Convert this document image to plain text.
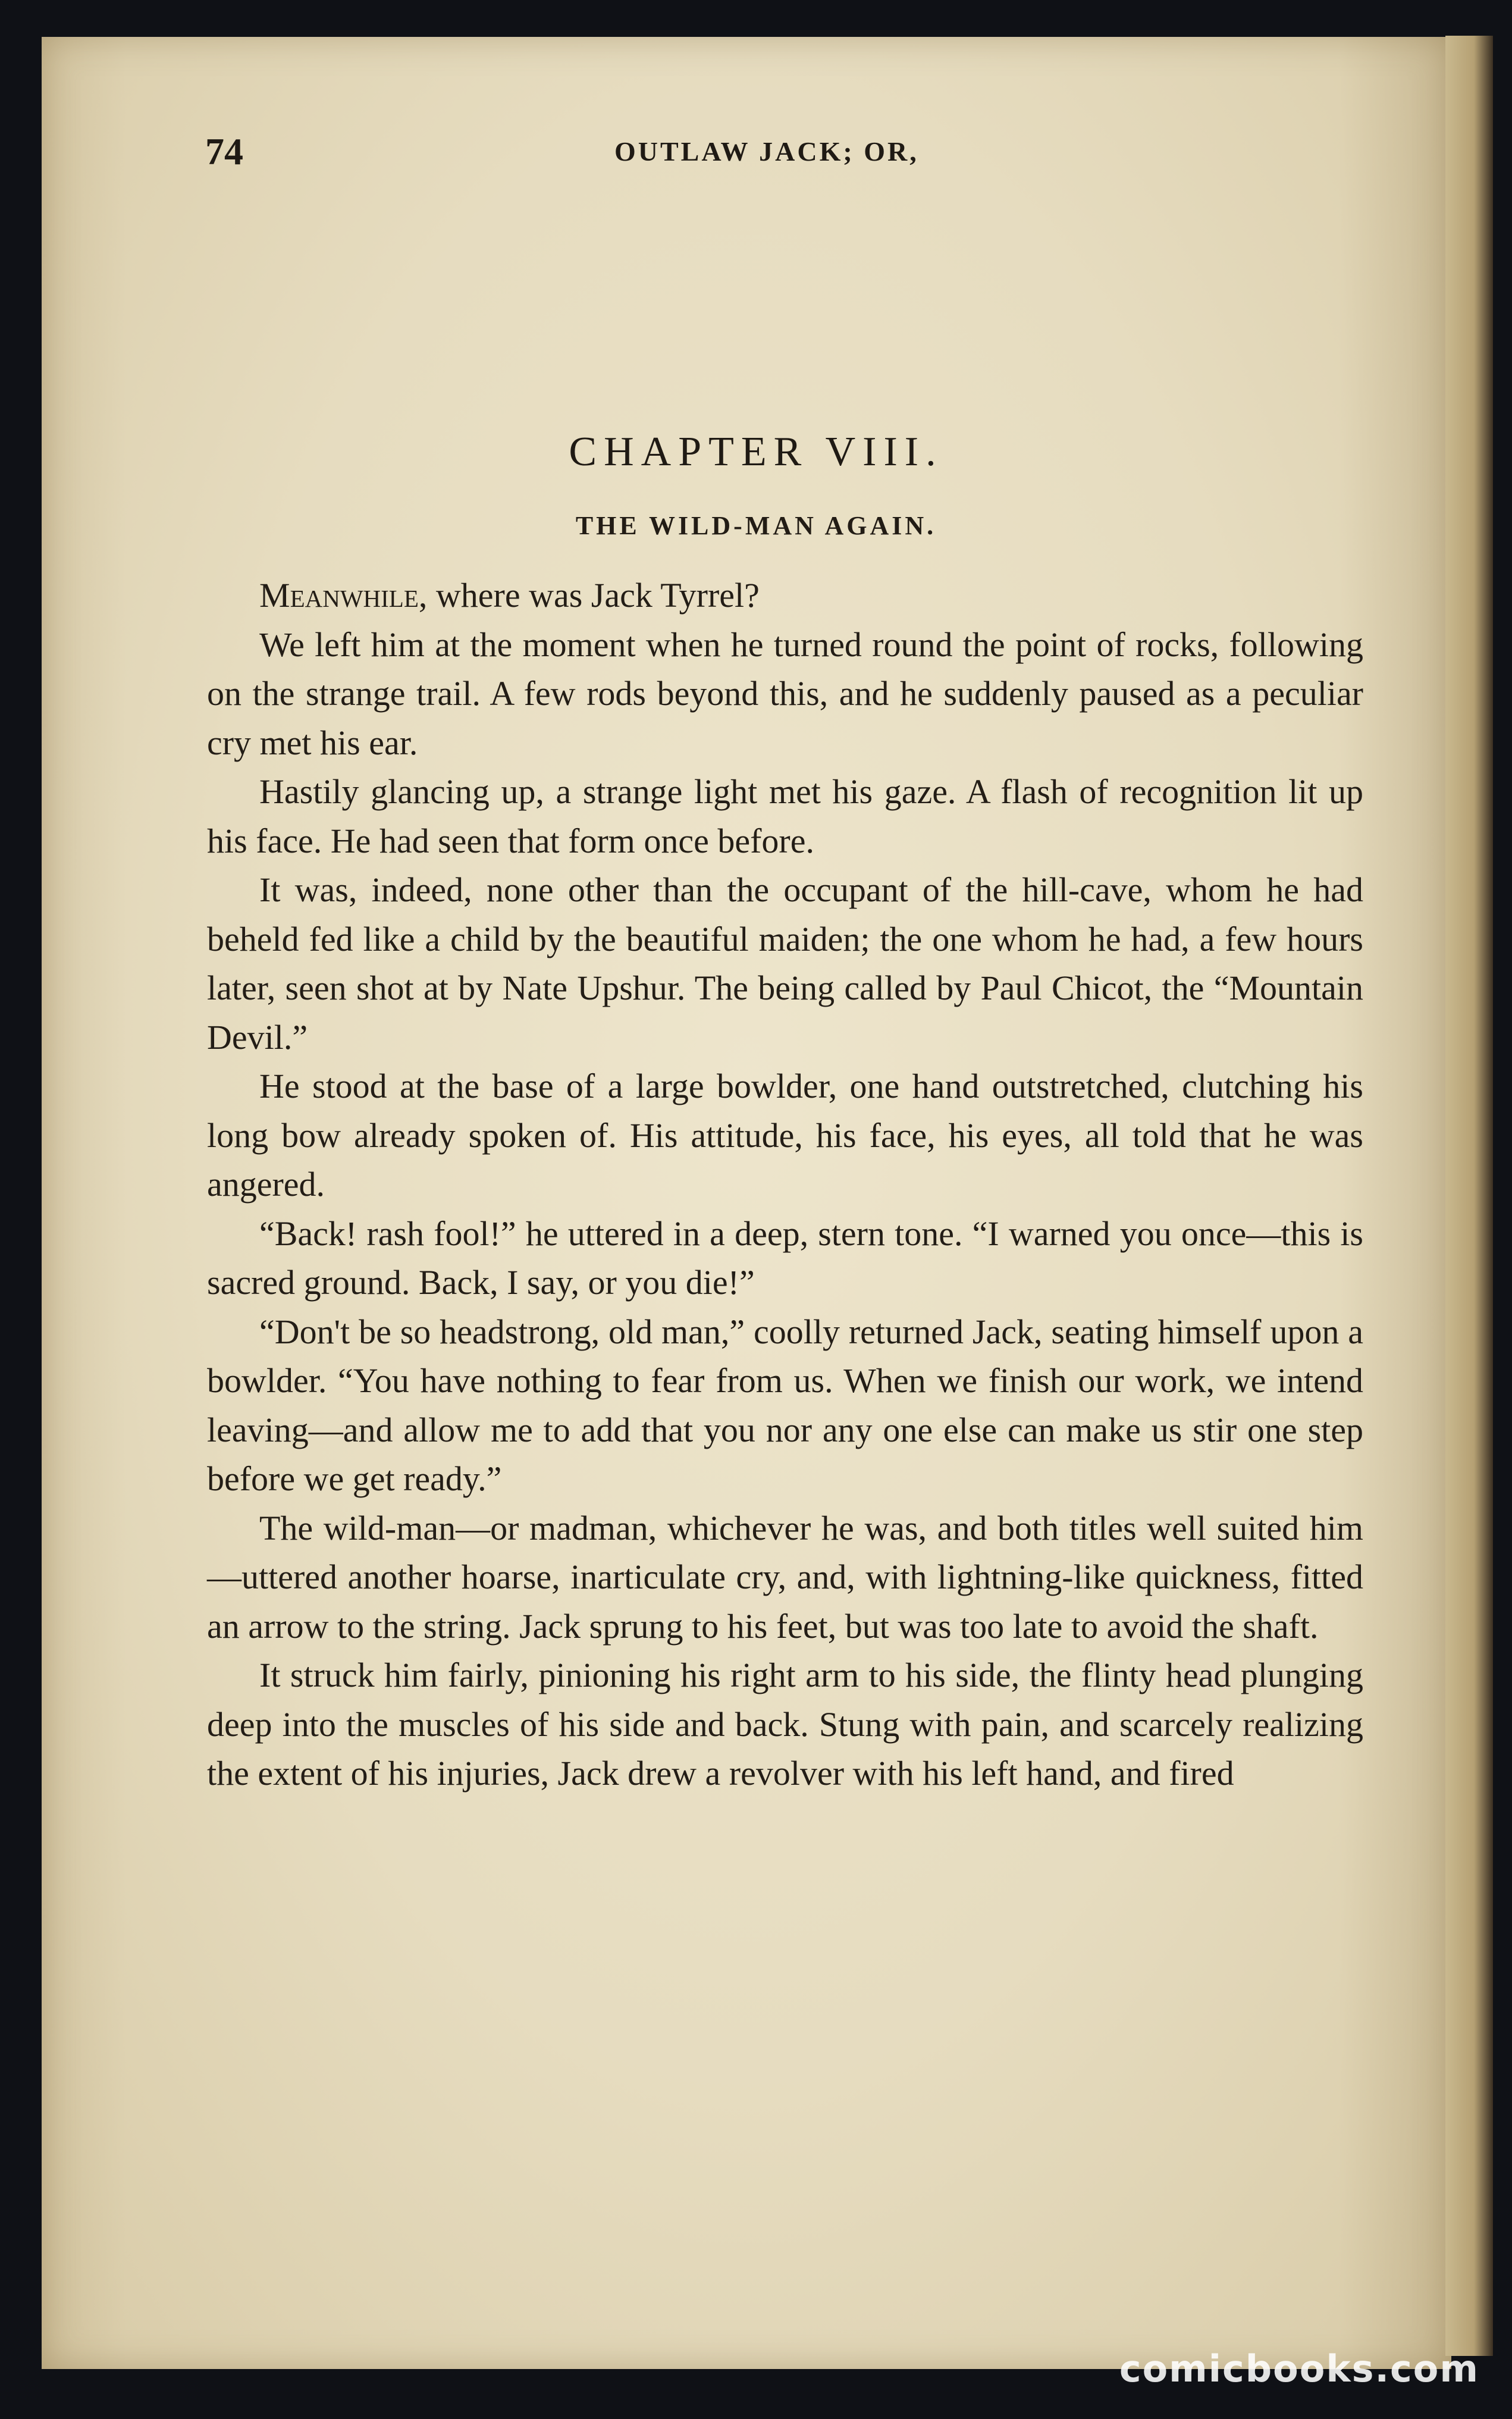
74	OUTLAW JACK; OR,
CHAPTER VIII.
THE WILD-MAN AGAIN.

Meanwhile, where was Jack Tyrrel?

We left him at the moment when he turned round the point of rocks, following on the strange trail. A few rods beyond this, and he suddenly paused as a peculiar cry met his ear.

Hastily glancing up, a strange light met his gaze. A flash of recognition lit up his face. He had seen that form once before.

It was, indeed, none other than the occupant of the hill-cave, whom he had beheld fed like a child by the beautiful maiden; the one whom he had, a few hours later, seen shot at by Nate Upshur. The being called by Paul Chicot, the “Mountain Devil.”

He stood at the base of a large bowlder, one hand outstretched, clutching his long bow already spoken of. His attitude, his face, his eyes, all told that he was angered.

“Back! rash fool!” he uttered in a deep, stern tone. “I warned you once—this is sacred ground. Back, I say, or you die!”

“Don't be so headstrong, old man,” coolly returned Jack, seating himself upon a bowlder. “You have nothing to fear from us. When we finish our work, we intend leaving—and allow me to add that you nor any one else can make us stir one step before we get ready.”

The wild-man—or madman, whichever he was, and both titles well suited him—uttered another hoarse, inarticulate cry, and, with lightning-like quickness, fitted an arrow to the string. Jack sprung to his feet, but was too late to avoid the shaft.

It struck him fairly, pinioning his right arm to his side, the flinty head plunging deep into the muscles of his side and back. Stung with pain, and scarcely realizing the extent of his injuries, Jack drew a revolver with his left hand, and fired

comicbooks.com
